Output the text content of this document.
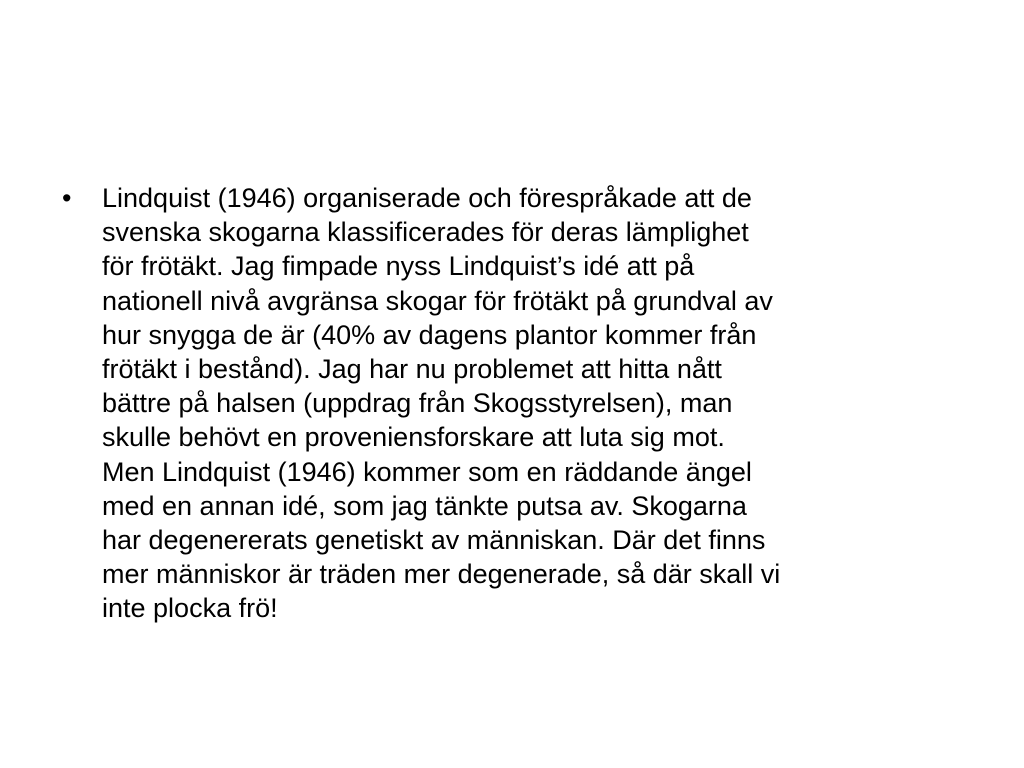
•	Lindquist (1946) organiserade och förespråkade att de
svenska skogarna klassificerades för deras lämplighet
för frötäkt. Jag fimpade nyss Lindquist’s idé att på
nationell nivå avgränsa skogar för frötäkt på grundval av
hur snygga de är (40% av dagens plantor kommer från
frötäkt i bestånd). Jag har nu problemet att hitta nått
bättre på halsen (uppdrag från Skogsstyrelsen), man
skulle behövt en proveniensforskare att luta sig mot.
Men Lindquist (1946) kommer som en räddande ängel
med en annan idé, som jag tänkte putsa av. Skogarna
har degenererats genetiskt av människan. Där det finns
mer människor är träden mer degenerade, så där skall vi
inte plocka frö!
